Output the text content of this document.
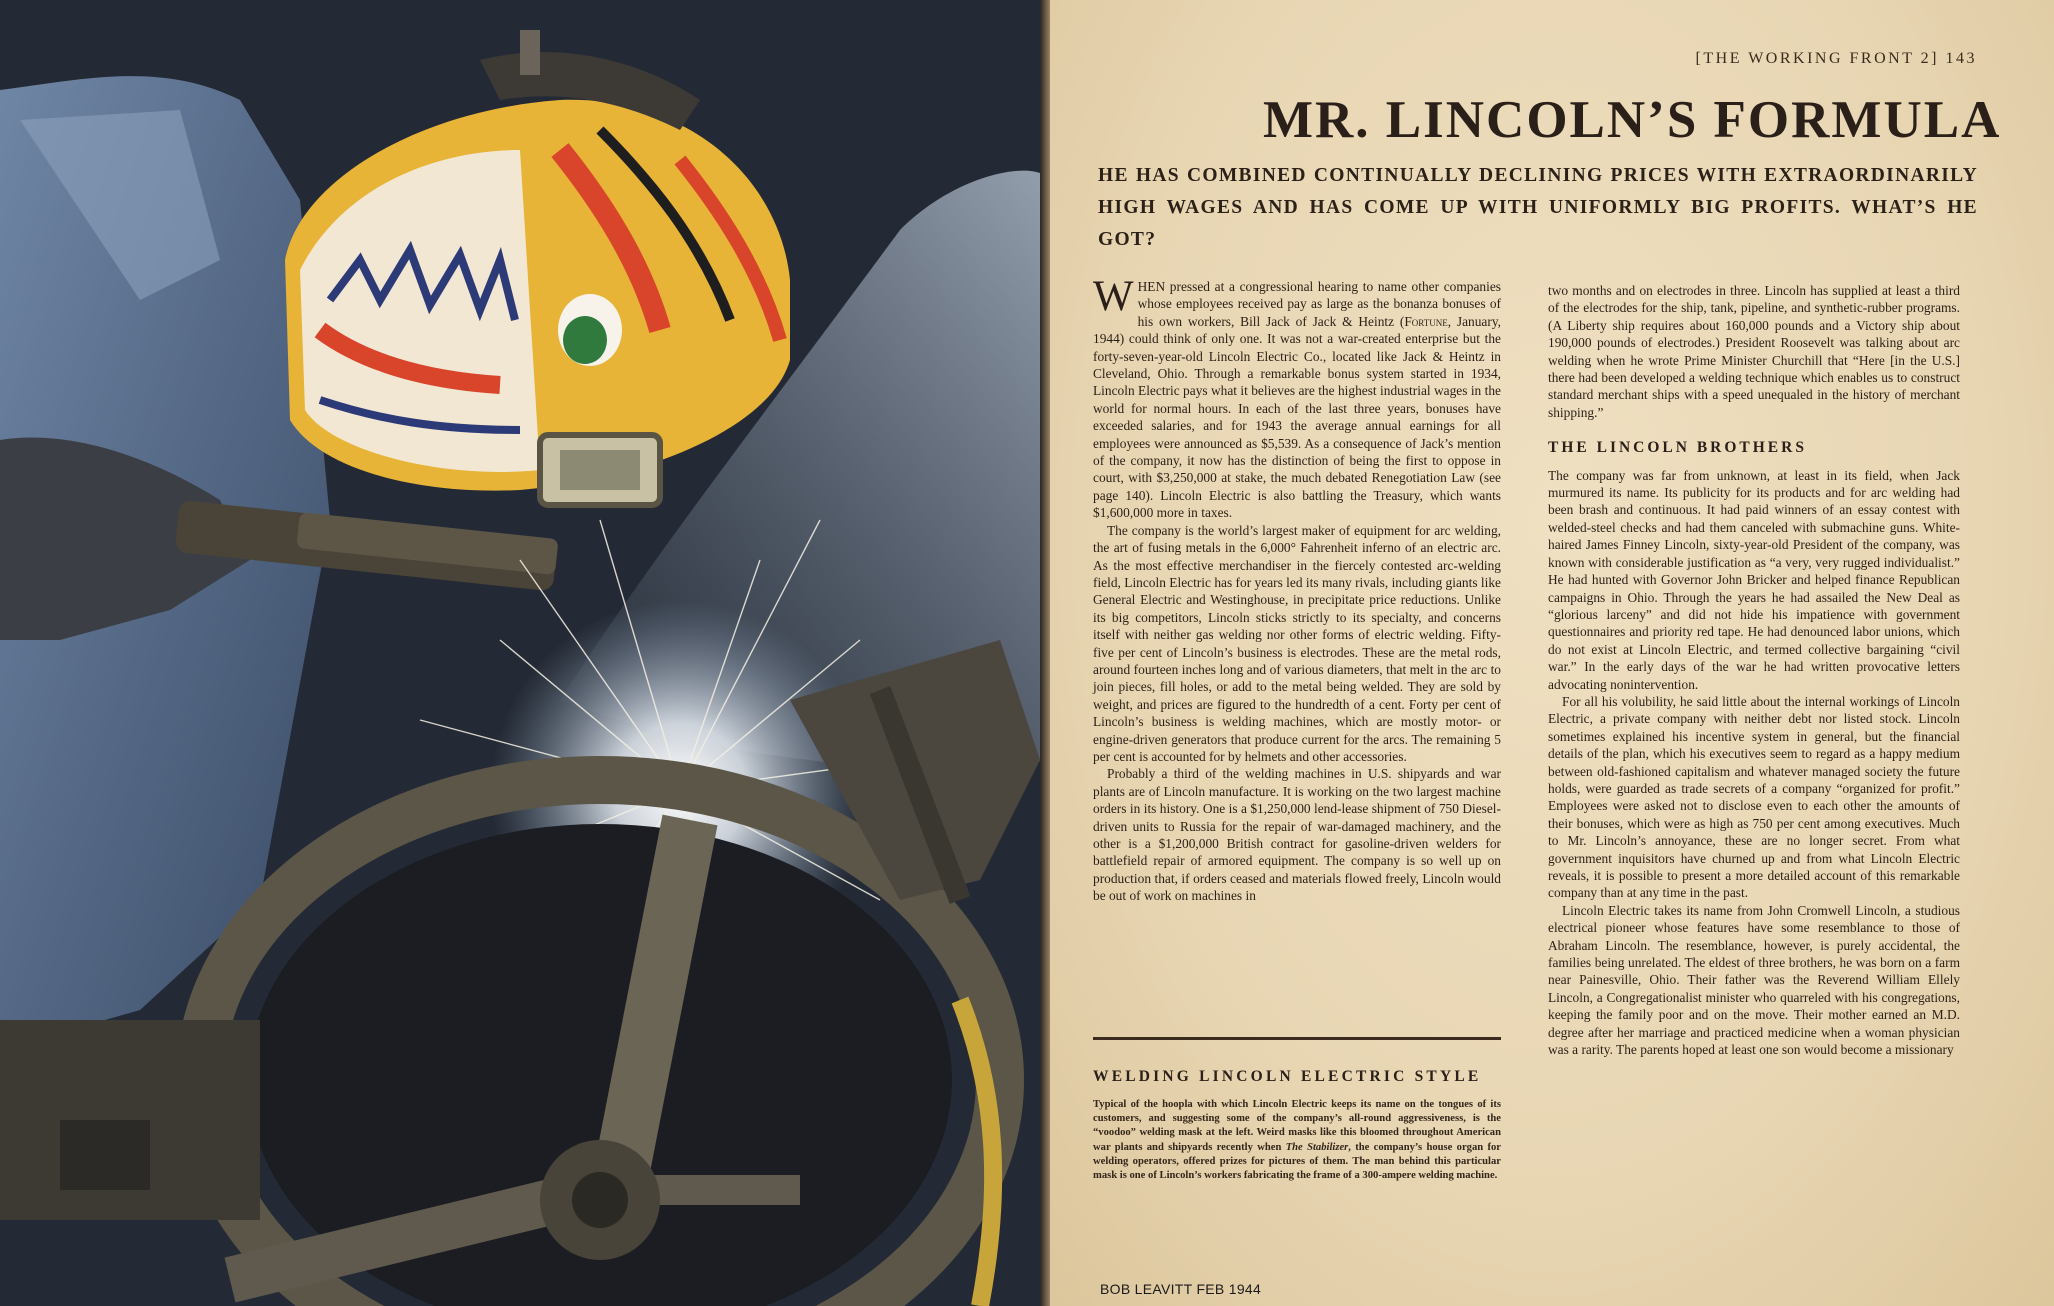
[THE WORKING FRONT 2] 143
MR. LINCOLN’S FORMULA
HE HAS COMBINED CONTINUALLY DECLINING PRICES WITH EXTRAORDINARILY
HIGH WAGES AND HAS COME UP WITH UNIFORMLY BIG PROFITS. WHAT’S HE GOT?

WHEN pressed at a congressional hearing to name other companies whose employees received pay as large as the bonanza bonuses of his own workers, Bill Jack of Jack & Heintz (Fortune, January, 1944) could think of only one. It was not a war-created enterprise but the forty-seven-year-old Lincoln Electric Co., located like Jack & Heintz in Cleveland, Ohio. Through a remarkable bonus system started in 1934, Lincoln Electric pays what it believes are the highest industrial wages in the world for normal hours. In each of the last three years, bonuses have exceeded salaries, and for 1943 the average annual earnings for all employees were announced as $5,539. As a consequence of Jack’s mention of the company, it now has the distinction of being the first to oppose in court, with $3,250,000 at stake, the much debated Renegotiation Law (see page 140). Lincoln Electric is also battling the Treasury, which wants $1,600,000 more in taxes.

The company is the world’s largest maker of equipment for arc welding, the art of fusing metals in the 6,000° Fahrenheit inferno of an electric arc. As the most effective merchandiser in the fiercely contested arc-welding field, Lincoln Electric has for years led its many rivals, including giants like General Electric and Westinghouse, in precipitate price reductions. Unlike its big competitors, Lincoln sticks strictly to its specialty, and concerns itself with neither gas welding nor other forms of electric welding. Fifty-five per cent of Lincoln’s business is electrodes. These are the metal rods, around fourteen inches long and of various diameters, that melt in the arc to join pieces, fill holes, or add to the metal being welded. They are sold by weight, and prices are figured to the hundredth of a cent. Forty per cent of Lincoln’s business is welding machines, which are mostly motor- or engine-driven generators that produce current for the arcs. The remaining 5 per cent is accounted for by helmets and other accessories.

Probably a third of the welding machines in U.S. shipyards and war plants are of Lincoln manufacture. It is working on the two largest machine orders in its history. One is a $1,250,000 lend-lease shipment of 750 Diesel-driven units to Russia for the repair of war-damaged machinery, and the other is a $1,200,000 British contract for gasoline-driven welders for battlefield repair of armored equipment. The company is so well up on production that, if orders ceased and materials flowed freely, Lincoln would be out of work on machines in

WELDING LINCOLN ELECTRIC STYLE
Typical of the hoopla with which Lincoln Electric keeps its name on the tongues of its customers, and suggesting some of the company’s all-round aggressiveness, is the “voodoo” welding mask at the left. Weird masks like this bloomed throughout American war plants and shipyards recently when The Stabilizer, the company’s house organ for welding operators, offered prizes for pictures of them. The man behind this particular mask is one of Lincoln’s workers fabricating the frame of a 300-ampere welding machine.

two months and on electrodes in three. Lincoln has supplied at least a third of the electrodes for the ship, tank, pipeline, and synthetic-rubber programs. (A Liberty ship requires about 160,000 pounds and a Victory ship about 190,000 pounds of electrodes.) President Roosevelt was talking about arc welding when he wrote Prime Minister Churchill that “Here [in the U.S.] there had been developed a welding technique which enables us to construct standard merchant ships with a speed unequaled in the history of merchant shipping.”

THE LINCOLN BROTHERS

The company was far from unknown, at least in its field, when Jack murmured its name. Its publicity for its products and for arc welding had been brash and continuous. It had paid winners of an essay contest with welded-steel checks and had them canceled with submachine guns. White-haired James Finney Lincoln, sixty-year-old President of the company, was known with considerable justification as “a very, very rugged individualist.” He had hunted with Governor John Bricker and helped finance Republican campaigns in Ohio. Through the years he had assailed the New Deal as “glorious larceny” and did not hide his impatience with government questionnaires and priority red tape. He had denounced labor unions, which do not exist at Lincoln Electric, and termed collective bargaining “civil war.” In the early days of the war he had written provocative letters advocating nonintervention.

For all his volubility, he said little about the internal workings of Lincoln Electric, a private company with neither debt nor listed stock. Lincoln sometimes explained his incentive system in general, but the financial details of the plan, which his executives seem to regard as a happy medium between old-fashioned capitalism and whatever managed society the future holds, were guarded as trade secrets of a company “organized for profit.” Employees were asked not to disclose even to each other the amounts of their bonuses, which were as high as 750 per cent among executives. Much to Mr. Lincoln’s annoyance, these are no longer secret. From what government inquisitors have churned up and from what Lincoln Electric reveals, it is possible to present a more detailed account of this remarkable company than at any time in the past.

Lincoln Electric takes its name from John Cromwell Lincoln, a studious electrical pioneer whose features have some resemblance to those of Abraham Lincoln. The resemblance, however, is purely accidental, the families being unrelated. The eldest of three brothers, he was born on a farm near Painesville, Ohio. Their father was the Reverend William Ellely Lincoln, a Congregationalist minister who quarreled with his congregations, keeping the family poor and on the move. Their mother earned an M.D. degree after her marriage and practiced medicine when a woman physician was a rarity. The parents hoped at least one son would become a missionary

BOB LEAVITT FEB 1944
